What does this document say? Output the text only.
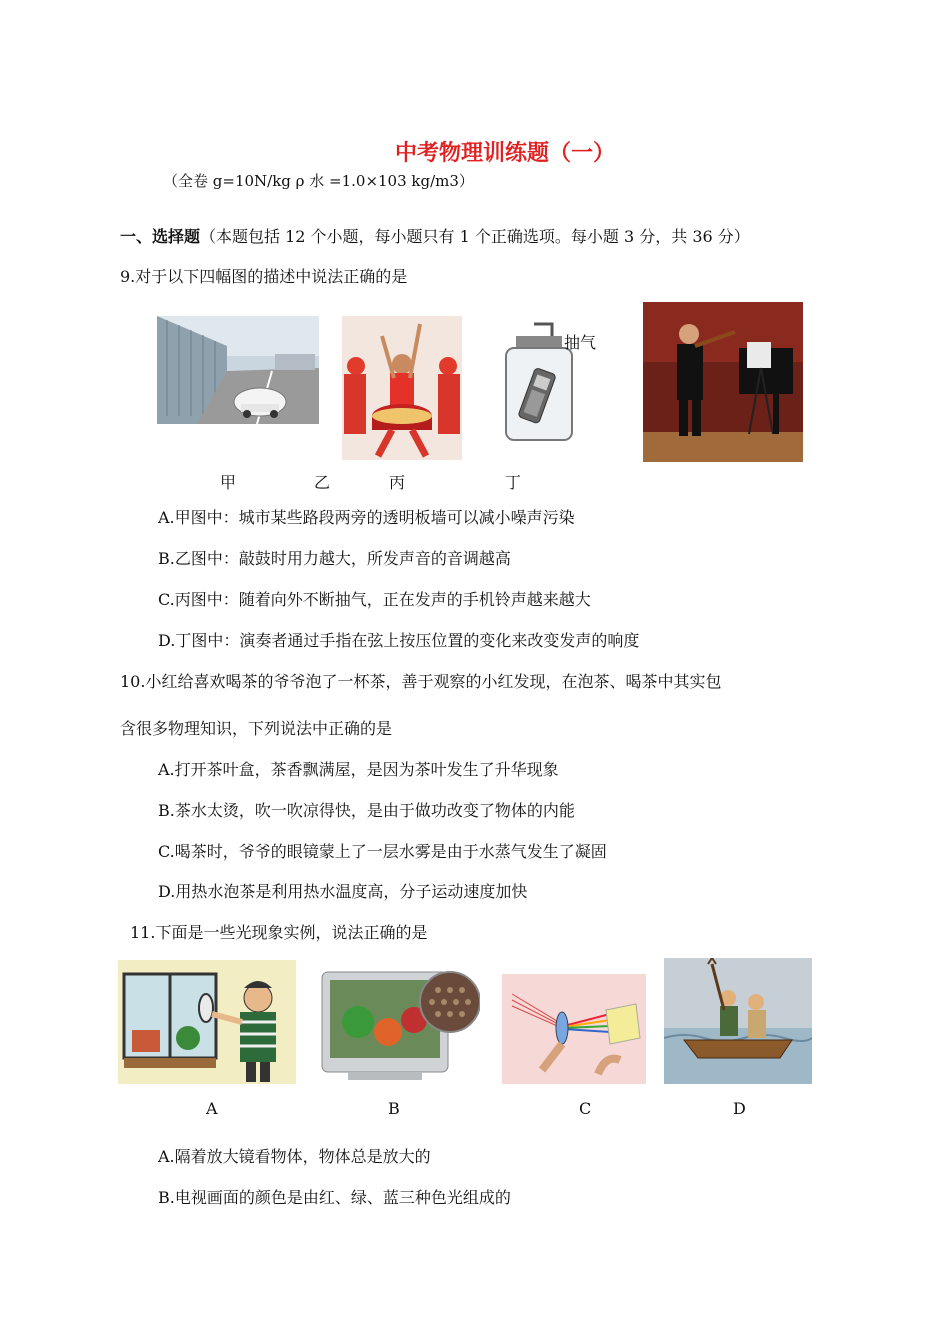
中考物理训练题（一）
（全卷 g=10N/kg ρ 水 =1.0×103 kg/m3）
一、选择题（本题包括 12 个小题，每小题只有 1 个正确选项。每小题 3 分，共 36 分）
9.对于以下四幅图的描述中说法正确的是
抽气
甲	乙	丙	丁
A.甲图中：城市某些路段两旁的透明板墙可以减小噪声污染
B.乙图中：敲鼓时用力越大，所发声音的音调越高
C.丙图中：随着向外不断抽气，正在发声的手机铃声越来越大
D.丁图中：演奏者通过手指在弦上按压位置的变化来改变发声的响度
10.小红给喜欢喝茶的爷爷泡了一杯茶，善于观察的小红发现，在泡茶、喝茶中其实包
含很多物理知识，下列说法中正确的是
A.打开茶叶盒，茶香飘满屋，是因为茶叶发生了升华现象
B.茶水太烫，吹一吹凉得快，是由于做功改变了物体的内能
C.喝茶时，爷爷的眼镜蒙上了一层水雾是由于水蒸气发生了凝固
D.用热水泡茶是利用热水温度高，分子运动速度加快
11.下面是一些光现象实例，说法正确的是
A	B	C	D
A.隔着放大镜看物体，物体总是放大的
B.电视画面的颜色是由红、绿、蓝三种色光组成的
